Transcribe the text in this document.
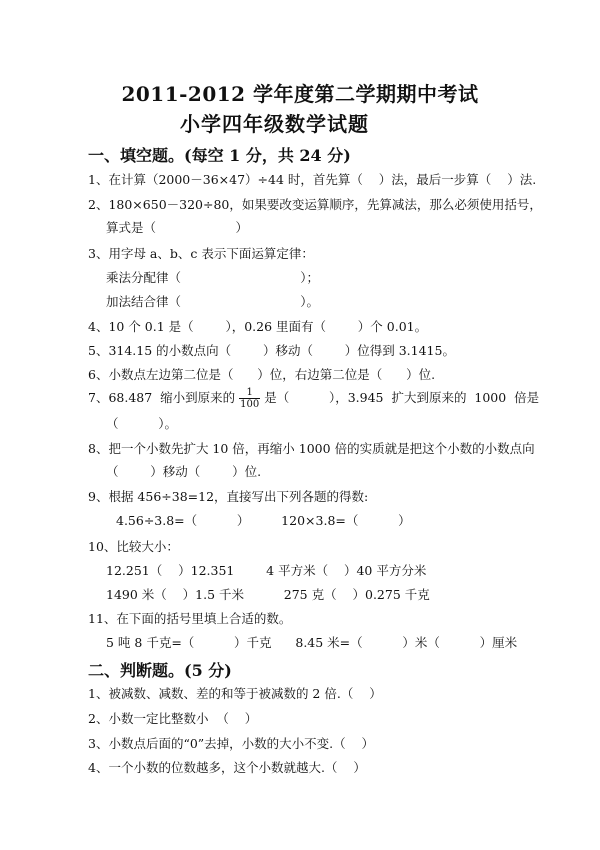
2011-2012 学年度第二学期期中考试
小学四年级数学试题
一、填空题。(每空 1 分，共 24 分)
1、在计算（2000－36×47）÷44 时，首先算（    ）法，最后一步算（    ）法.
2、180×650－320÷80，如果要改变运算顺序，先算减法，那么必须使用括号，
算式是（                    ）
3、用字母 a、b、c 表示下面运算定律：
乘法分配律（                              ）；
加法结合律（                              ）。
4、10 个 0.1 是（        ），0.26 里面有（        ）个 0.01。
5、314.15 的小数点向（        ）移动（        ）位得到 3.1415。
6、小数点左边第二位是（      ）位，右边第二位是（      ）位.
7、68.487  缩小到原来的 $\frac{1}{100}$ 是（          ），3.945  扩大到原来的  1000  倍是
（          ）。
8、把一个小数先扩大 10 倍，再缩小 1000 倍的实质就是把这个小数的小数点向
（        ）移动（        ）位.
9、根据 456÷38=12，直接写出下列各题的得数:
4.56÷3.8=（          ）        120×3.8=（          ）
10、比较大小：
12.251（    ）12.351        4 平方米（    ）40 平方分米
1490 米（    ）1.5 千米          275 克（    ）0.275 千克
11、在下面的括号里填上合适的数。
5 吨 8 千克=（          ）千克      8.45 米=（          ）米（          ）厘米
二、判断题。(5 分)
1、被减数、减数、差的和等于被减数的 2 倍.（    ）
2、小数一定比整数小  （    ）
3、小数点后面的“0”去掉，小数的大小不变.（    ）
4、一个小数的位数越多，这个小数就越大.（    ）
